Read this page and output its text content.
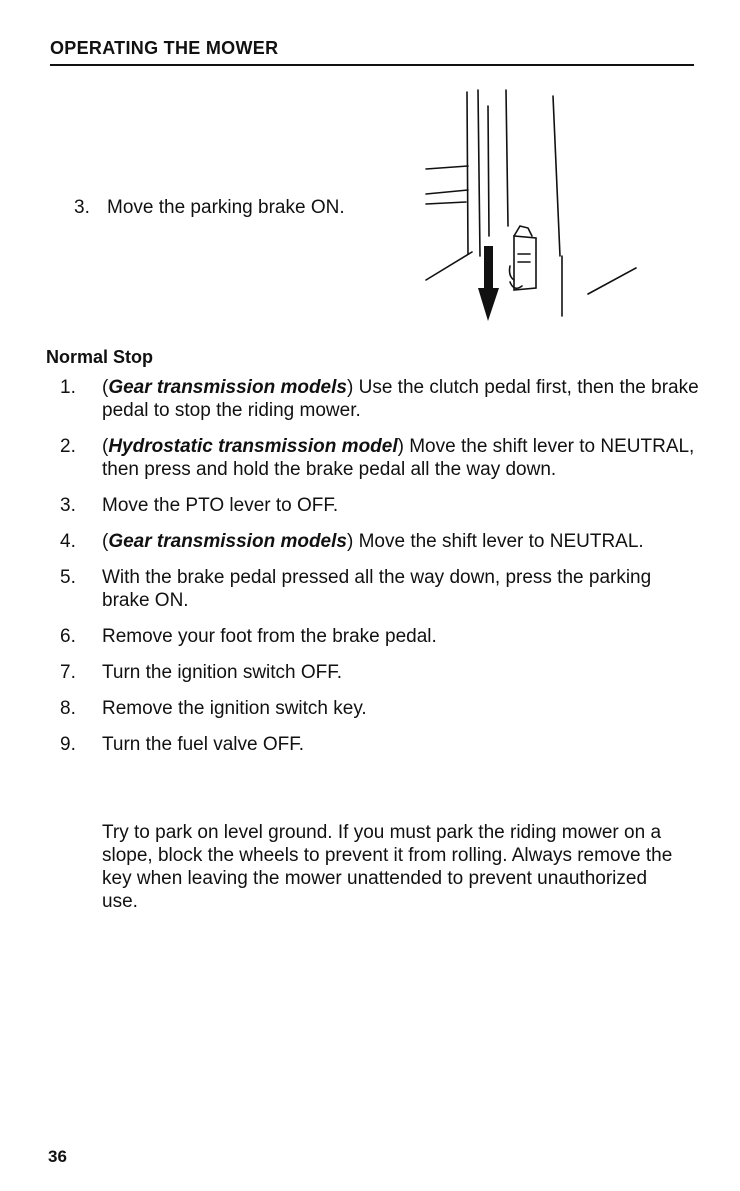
OPERATING THE MOWER
3. Move the parking brake ON.
Normal Stop
1.	(Gear transmission models) Use the clutch pedal first, then the brake pedal to stop the riding mower.
2.	(Hydrostatic transmission model) Move the shift lever to NEUTRAL, then press and hold the brake pedal all the way down.
3.	Move the PTO lever to OFF.
4.	(Gear transmission models) Move the shift lever to NEUTRAL.
5.	With the brake pedal pressed all the way down, press the parking brake ON.
6.	Remove your foot from the brake pedal.
7.	Turn the ignition switch OFF.
8.	Remove the ignition switch key.
9.	Turn the fuel valve OFF.
Try to park on level ground. If you must park the riding mower on a slope, block the wheels to prevent it from rolling. Always remove the key when leaving the mower unattended to prevent unauthorized use.
36
